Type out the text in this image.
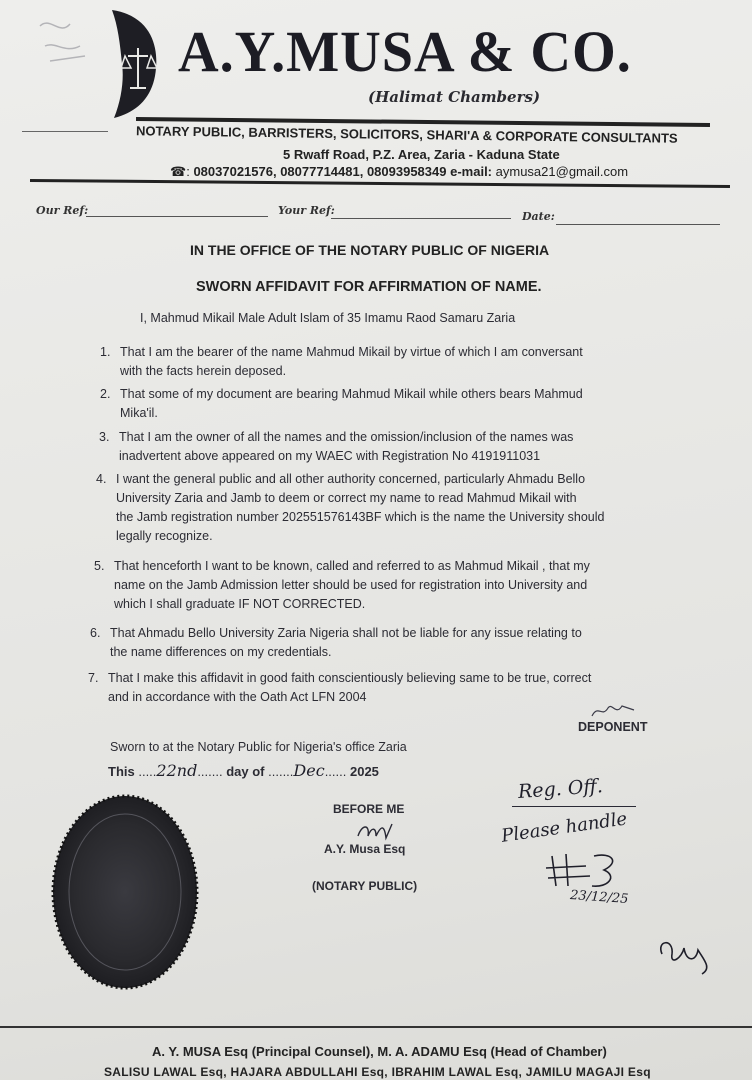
A.Y.MUSA & CO.
(Halimat Chambers)
NOTARY PUBLIC, BARRISTERS, SOLICITORS, SHARI'A & CORPORATE CONSULTANTS
5 Rwaff Road, P.Z. Area, Zaria - Kaduna State
☎: 08037021576, 08077714481, 08093958349 e-mail: aymusa21@gmail.com
Our Ref:	Your Ref:	Date:
IN THE OFFICE OF THE NOTARY PUBLIC OF NIGERIA
SWORN AFFIDAVIT FOR AFFIRMATION OF NAME.
I, Mahmud Mikail Male Adult Islam of 35 Imamu Raod Samaru Zaria
1. That I am the bearer of the name Mahmud Mikail by virtue of which I am conversant
with the facts herein deposed.
2. That some of my document are bearing Mahmud Mikail while others bears Mahmud
Mika'il.
3. That I am the owner of all the names and the omission/inclusion of the names was
inadvertent above appeared on my WAEC with Registration No 4191911031
4. I want the general public and all other authority concerned, particularly Ahmadu Bello
University Zaria and Jamb to deem or correct my name to read Mahmud Mikail with
the Jamb registration number 202551576143BF which is the name the University should
legally recognize.
5. That henceforth I want to be known, called and referred to as Mahmud Mikail , that my
name on the Jamb Admission letter should be used for registration into University and
which I shall graduate IF NOT CORRECTED.
6. That Ahmadu Bello University Zaria Nigeria shall not be liable for any issue relating to
the name differences on my credentials.
7. That I make this affidavit in good faith conscientiously believing same to be true, correct
and in accordance with the Oath Act LFN 2004
DEPONENT
Sworn to at the Notary Public for Nigeria's office Zaria
This .....22nd....... day of .......Dec...... 2025
BEFORE ME
A.Y. Musa Esq
(NOTARY PUBLIC)
Reg. Off.
Please handle
23/12/25
A. Y. MUSA Esq (Principal Counsel), M. A. ADAMU Esq (Head of Chamber)
SALISU LAWAL Esq, HAJARA ABDULLAHI Esq, IBRAHIM LAWAL Esq, JAMILU MAGAJI Esq
